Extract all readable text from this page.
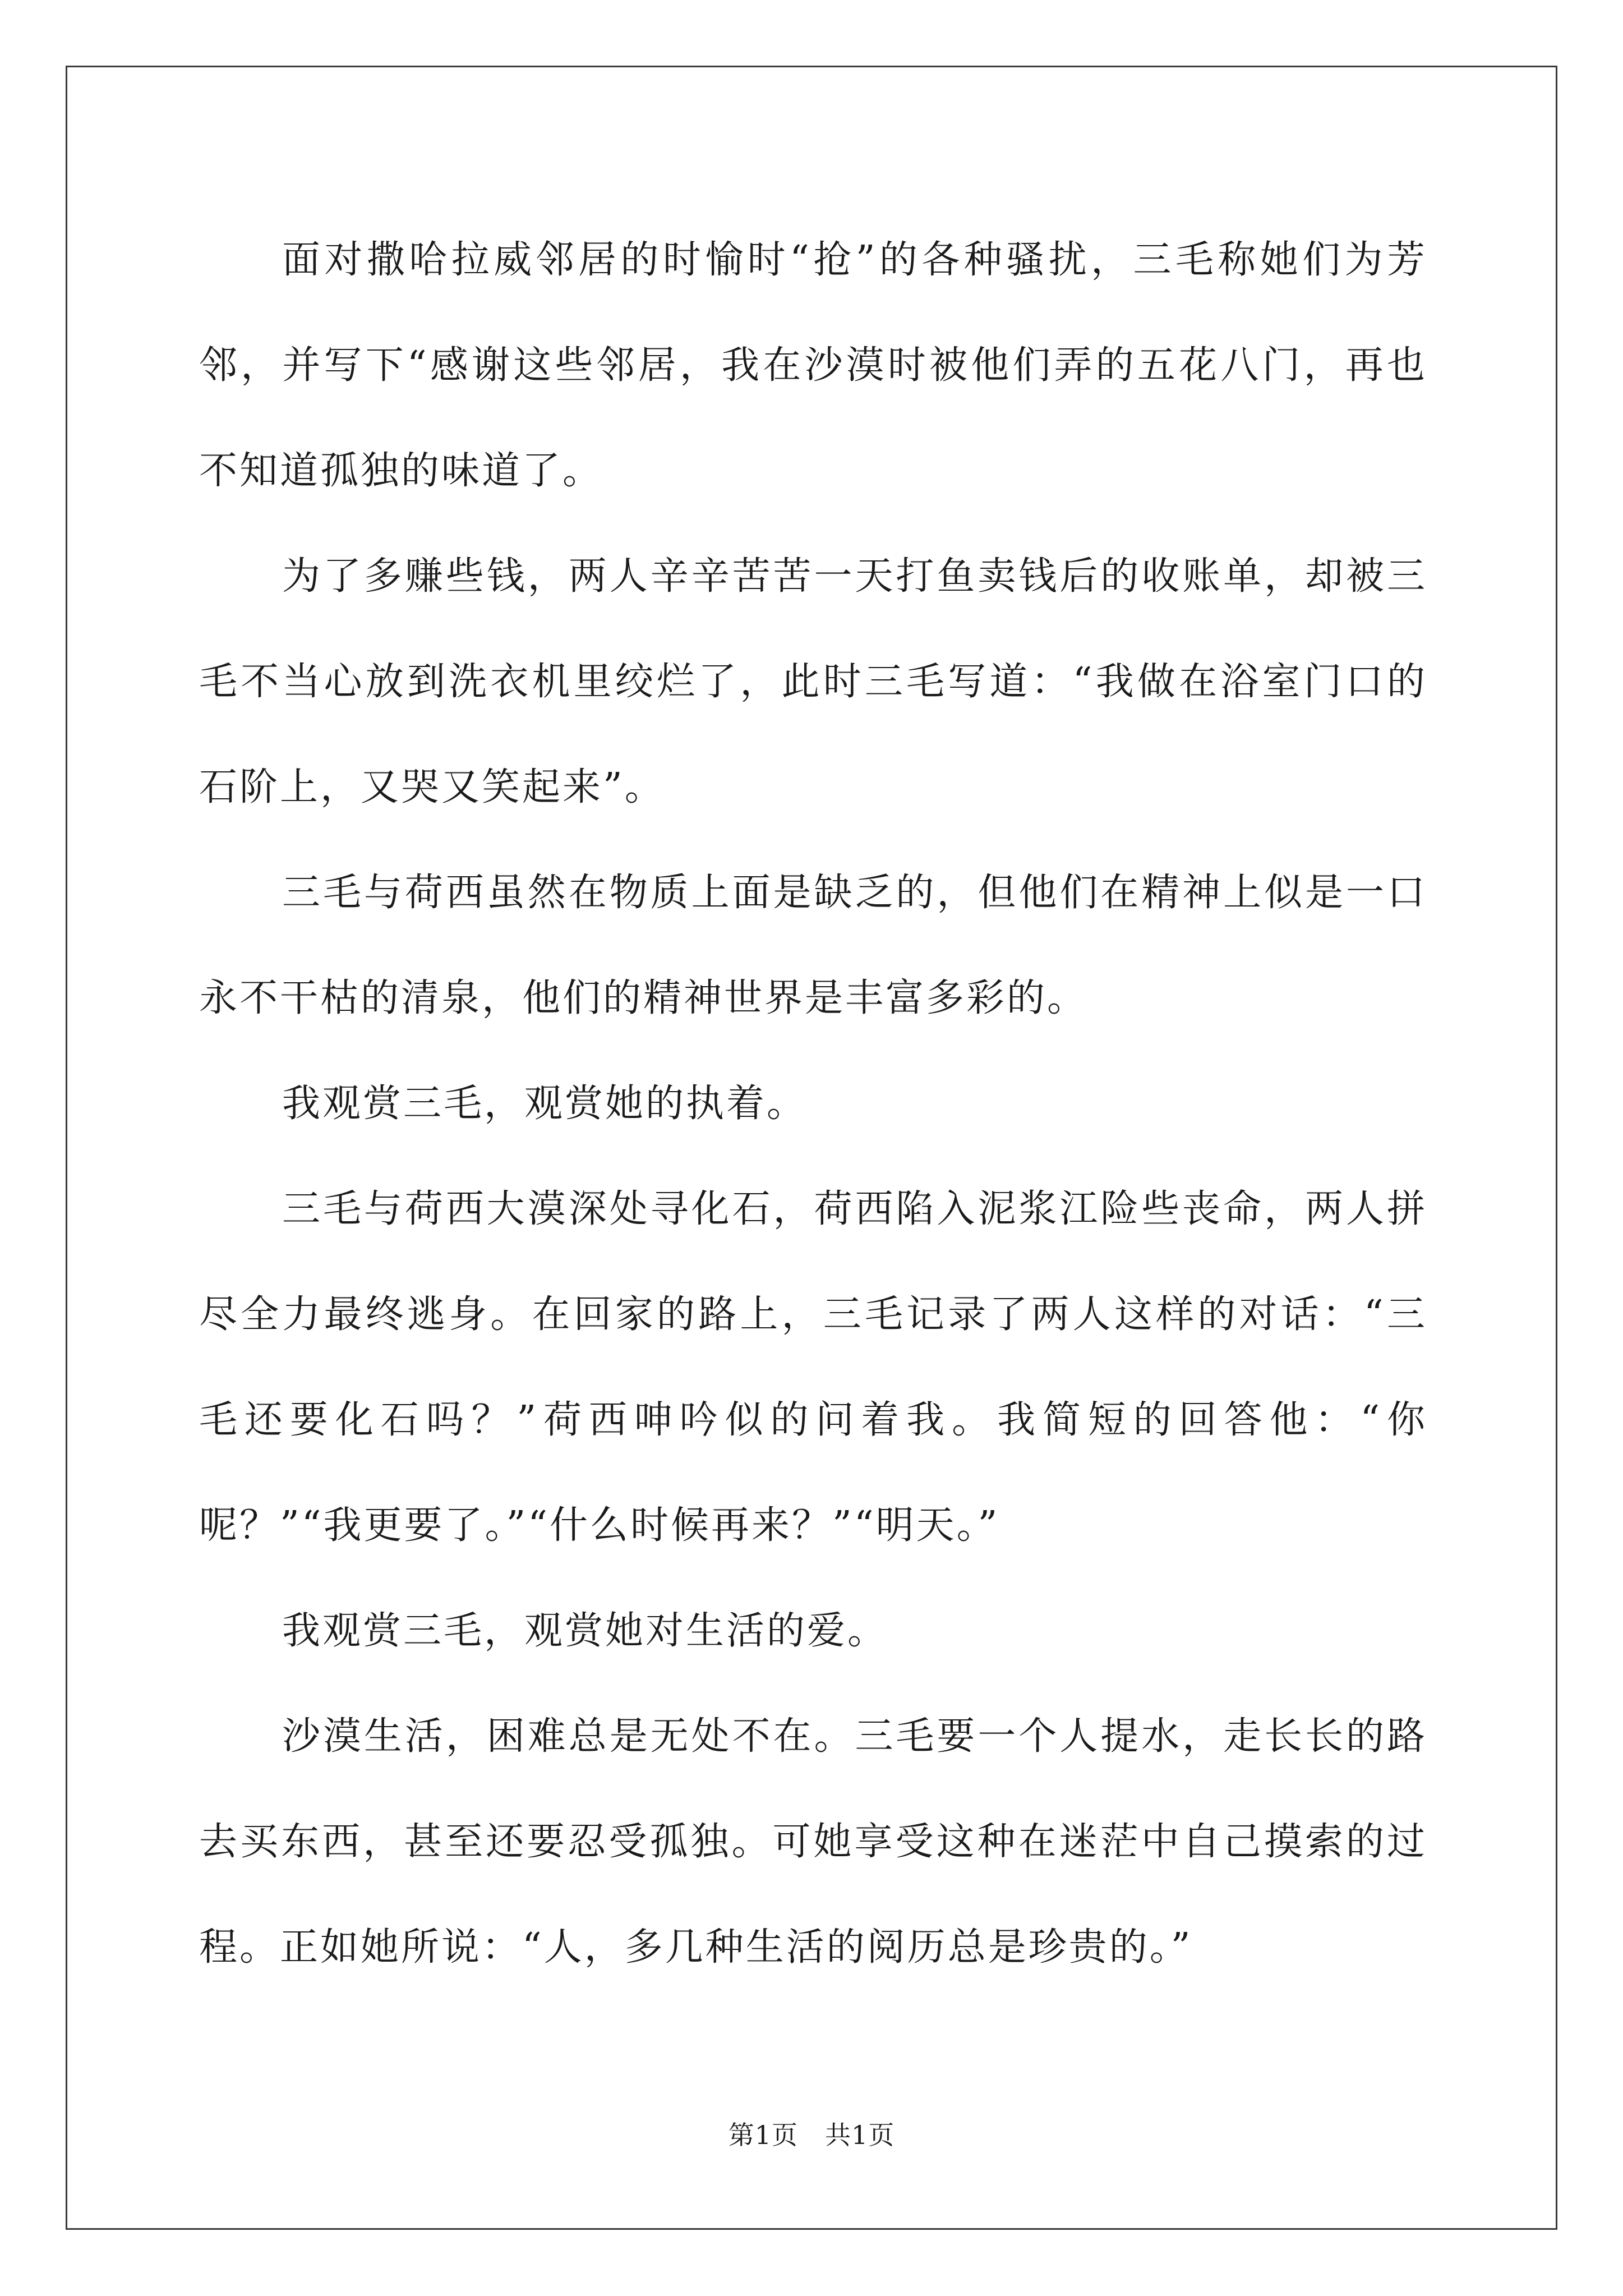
面对撒哈拉威邻居的时愉时“抢”的各种骚扰，三毛称她们为芳邻，并写下“感谢这些邻居，我在沙漠时被他们弄的五花八门，再也不知道孤独的味道了。

为了多赚些钱，两人辛辛苦苦一天打鱼卖钱后的收账单，却被三毛不当心放到洗衣机里绞烂了，此时三毛写道：“我做在浴室门口的石阶上，又哭又笑起来”。

三毛与荷西虽然在物质上面是缺乏的，但他们在精神上似是一口永不干枯的清泉，他们的精神世界是丰富多彩的。

我观赏三毛，观赏她的执着。

三毛与荷西大漠深处寻化石，荷西陷入泥浆江险些丧命，两人拼尽全力最终逃身。在回家的路上，三毛记录了两人这样的对话：“三毛还要化石吗？”荷西呻吟似的问着我。我简短的回答他：“你呢？”“我更要了。”“什么时候再来？”“明天。”

我观赏三毛，观赏她对生活的爱。

沙漠生活，困难总是无处不在。三毛要一个人提水，走长长的路去买东西，甚至还要忍受孤独。可她享受这种在迷茫中自己摸索的过程。正如她所说：“人，多几种生活的阅历总是珍贵的。”

第1页 共1页
